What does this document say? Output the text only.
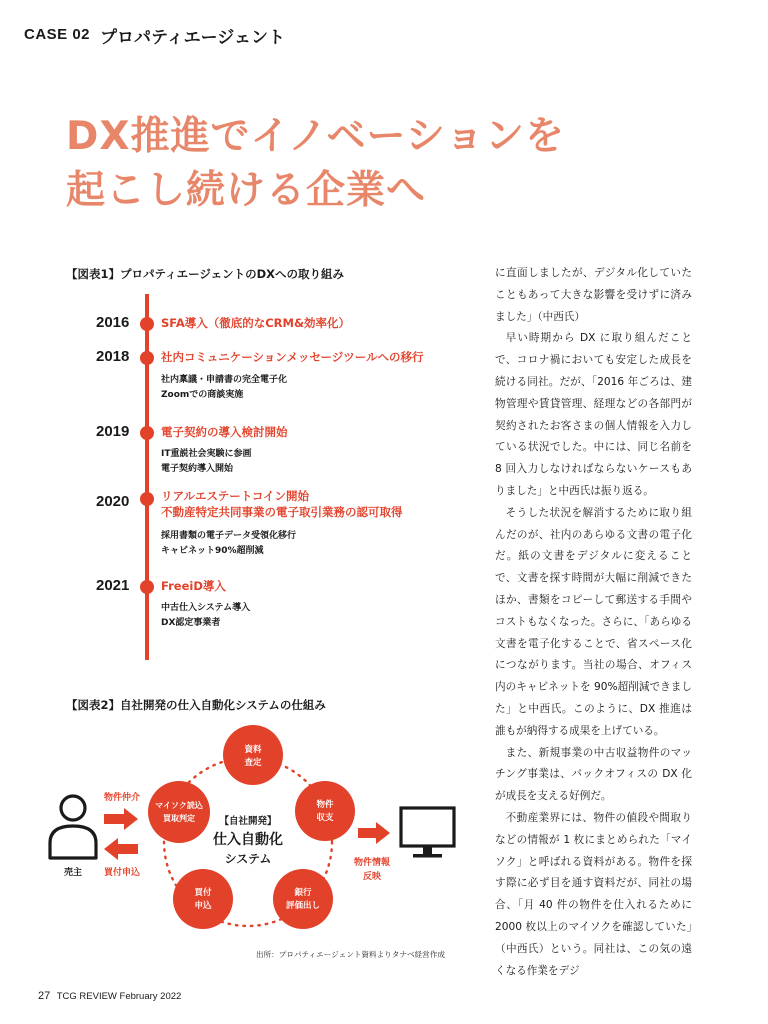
CASE 02 プロパティエージェント
DX推進でイノベーションを
起こし続ける企業へ
【図表1】プロパティエージェントのDXへの取り組み
2016	SFA導入（徹底的なCRM&効率化）
2018	社内コミュニケーションメッセージツールへの移行
社内稟議・申請書の完全電子化
Zoomでの商談実施
2019	電子契約の導入検討開始
IT重説社会実験に参画
電子契約導入開始
2020	リアルエステートコイン開始
不動産特定共同事業の電子取引業務の認可取得
採用書類の電子データ受領化移行
キャビネット90%超削減
2021	FreeiD導入
中古仕入システム導入
DX認定事業者
【図表2】自社開発の仕入自動化システムの仕組み
【自社開発】
仕入自動化
システム
資料
査定
物件
収支
銀行
評価出し
買付
申込
マイソク読込
買取判定
売主
物件仲介
買付申込
物件情報
反映
出所：プロパティエージェント資料よりタナベ経営作成

に直面しましたが、デジタル化していたこともあって大きな影響を受けずに済みました」（中西氏）

早い時期から DX に取り組んだことで、コロナ禍においても安定した成長を続ける同社。だが、「2016 年ごろは、建物管理や賃貸管理、経理などの各部門が契約されたお客さまの個人情報を入力している状況でした。中には、同じ名前を 8 回入力しなければならないケースもありました」と中西氏は振り返る。

そうした状況を解消するために取り組んだのが、社内のあらゆる文書の電子化だ。紙の文書をデジタルに変えることで、文書を探す時間が大幅に削減できたほか、書類をコピーして郵送する手間やコストもなくなった。さらに、「あらゆる文書を電子化することで、省スペース化につながります。当社の場合、オフィス内のキャビネットを 90%超削減できました」と中西氏。このように、DX 推進は誰もが納得する成果を上げている。

また、新規事業の中古収益物件のマッチング事業は、バックオフィスの DX 化が成長を支える好例だ。

不動産業界には、物件の値段や間取りなどの情報が 1 枚にまとめられた「マイソク」と呼ばれる資料がある。物件を探す際に必ず目を通す資料だが、同社の場合、「月 40 件の物件を仕入れるために 2000 枚以上のマイソクを確認していた」（中西氏）という。同社は、この気の遠くなる作業をデジ

27 TCG REVIEW February 2022
